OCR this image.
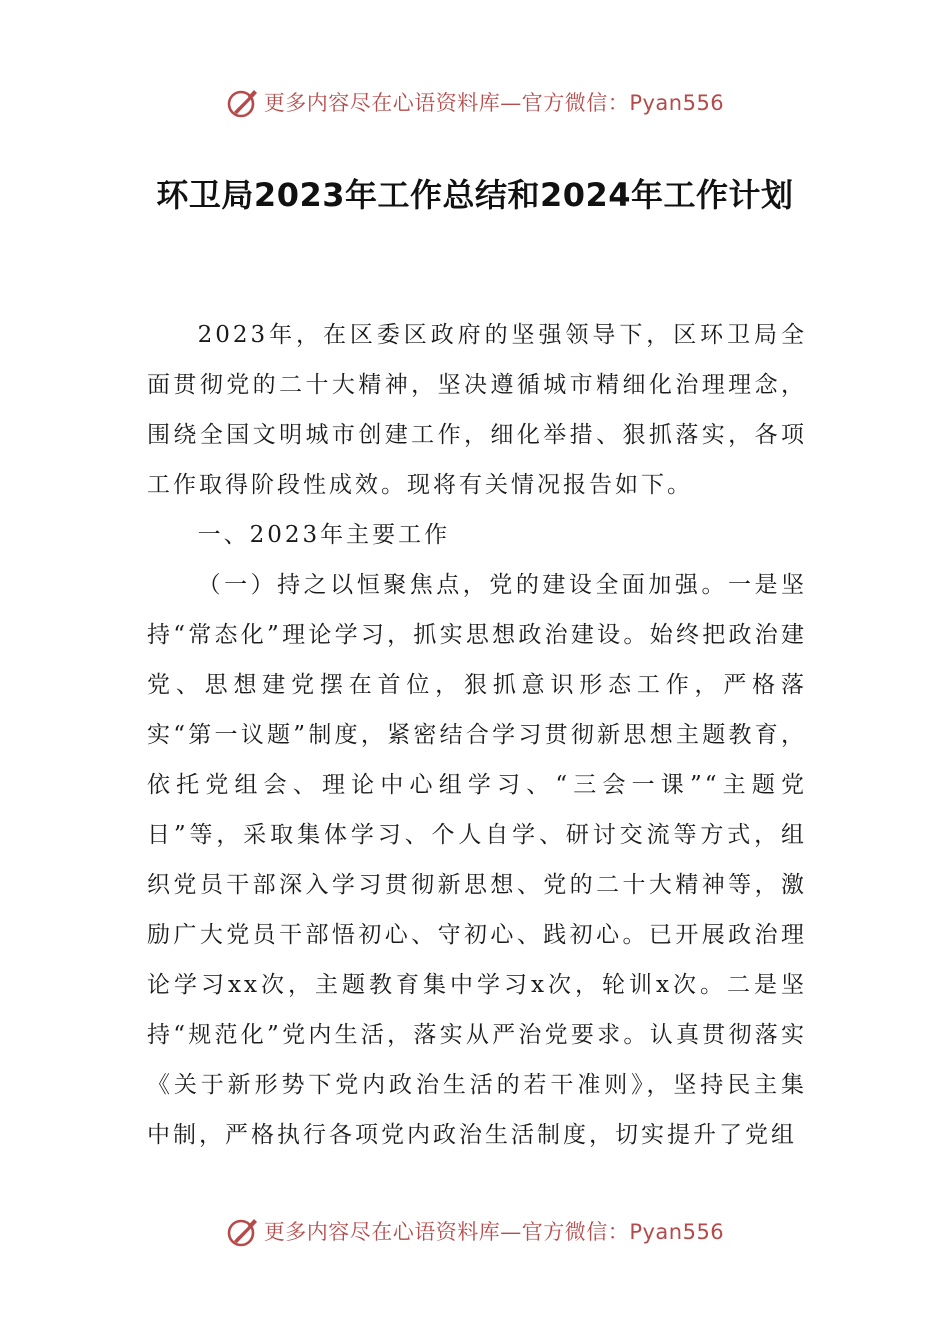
更多内容尽在心语资料库—官方微信：Pyan556
环卫局2023年工作总结和2024年工作计划

2023年，在区委区政府的坚强领导下，区环卫局全面贯彻党的二十大精神，坚决遵循城市精细化治理理念，围绕全国文明城市创建工作，细化举措、狠抓落实，各项工作取得阶段性成效。现将有关情况报告如下。

一、2023年主要工作

（一）持之以恒聚焦点，党的建设全面加强。一是坚持“常态化”理论学习，抓实思想政治建设。始终把政治建党、思想建党摆在首位，狠抓意识形态工作，严格落实“第一议题”制度，紧密结合学习贯彻新思想主题教育，依托党组会、理论中心组学习、“三会一课”“主题党日”等，采取集体学习、个人自学、研讨交流等方式，组织党员干部深入学习贯彻新思想、党的二十大精神等，激励广大党员干部悟初心、守初心、践初心。已开展政治理论学习xx次，主题教育集中学习x次，轮训x次。二是坚持“规范化”党内生活，落实从严治党要求。认真贯彻落实《关于新形势下党内政治生活的若干准则》，坚持民主集中制，严格执行各项党内政治生活制度，切实提升了党组

更多内容尽在心语资料库—官方微信：Pyan556
